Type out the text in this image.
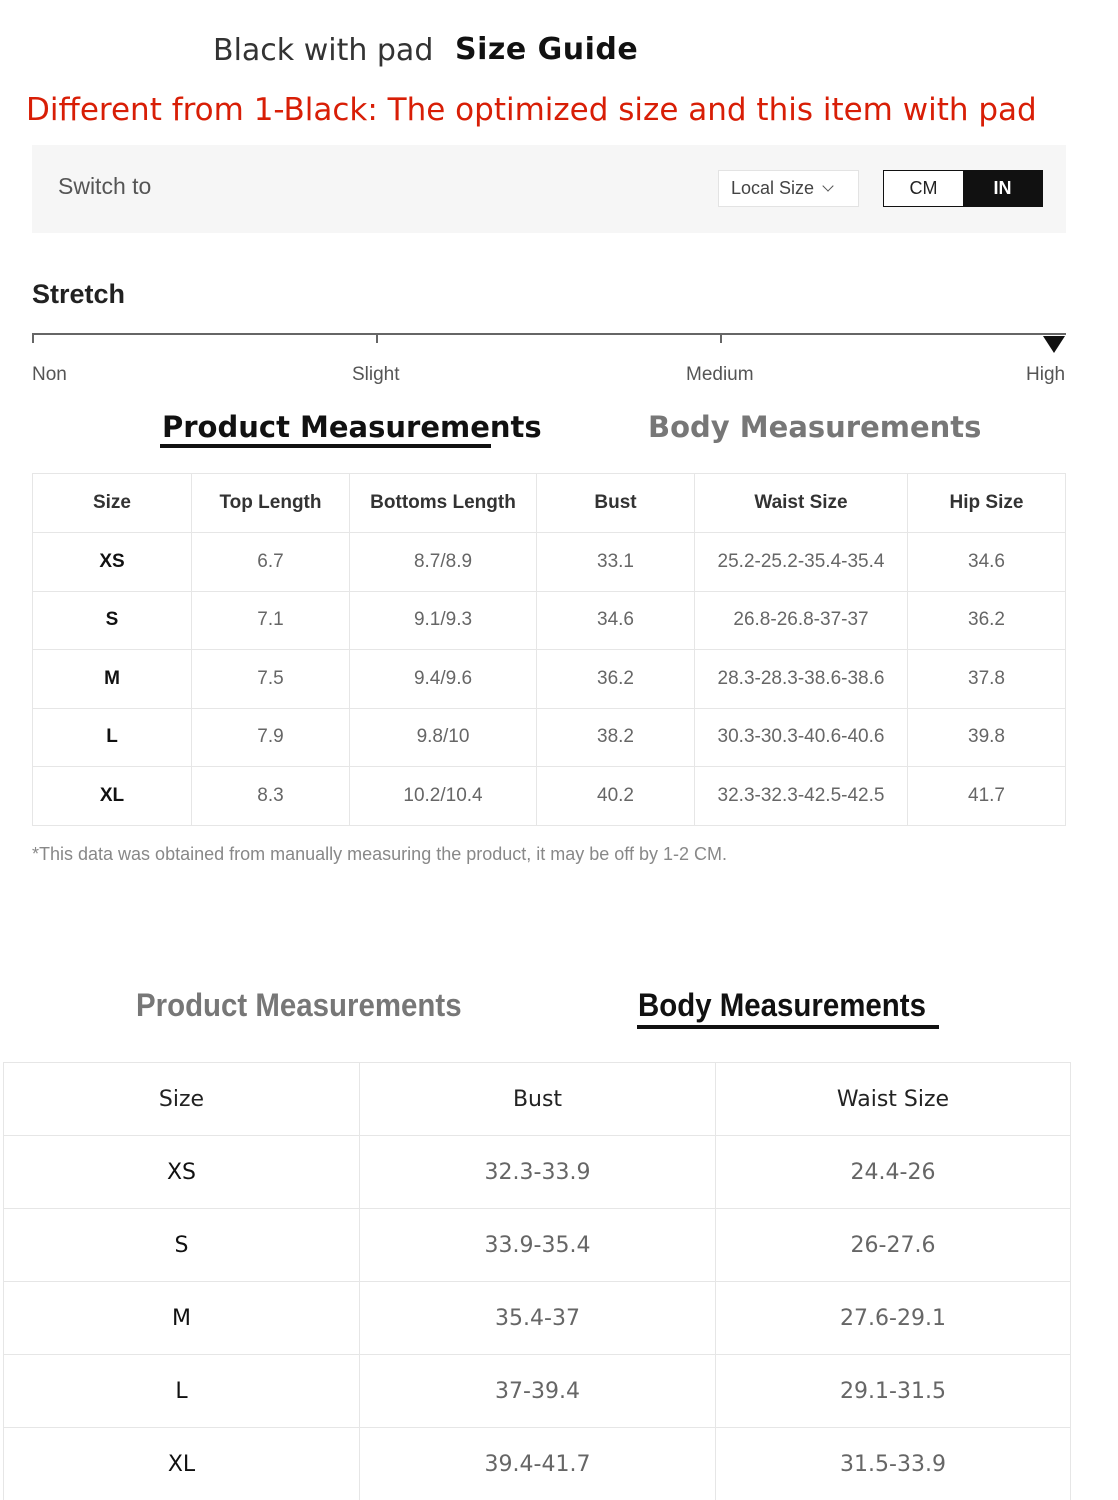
Black with pad Size Guide
Different from 1-Black: The optimized size and this item with pad
Switch to	Local Size	CM	IN
Stretch
Non	Slight	Medium	High
Product Measurements	Body Measurements
Size	Top Length	Bottoms Length	Bust	Waist Size	Hip Size
XS	6.7	8.7/8.9	33.1	25.2-25.2-35.4-35.4	34.6
S	7.1	9.1/9.3	34.6	26.8-26.8-37-37	36.2
M	7.5	9.4/9.6	36.2	28.3-28.3-38.6-38.6	37.8
L	7.9	9.8/10	38.2	30.3-30.3-40.6-40.6	39.8
XL	8.3	10.2/10.4	40.2	32.3-32.3-42.5-42.5	41.7
*This data was obtained from manually measuring the product, it may be off by 1-2 CM.
Product Measurements	Body Measurements
Size	Bust	Waist Size
XS	32.3-33.9	24.4-26
S	33.9-35.4	26-27.6
M	35.4-37	27.6-29.1
L	37-39.4	29.1-31.5
XL	39.4-41.7	31.5-33.9
